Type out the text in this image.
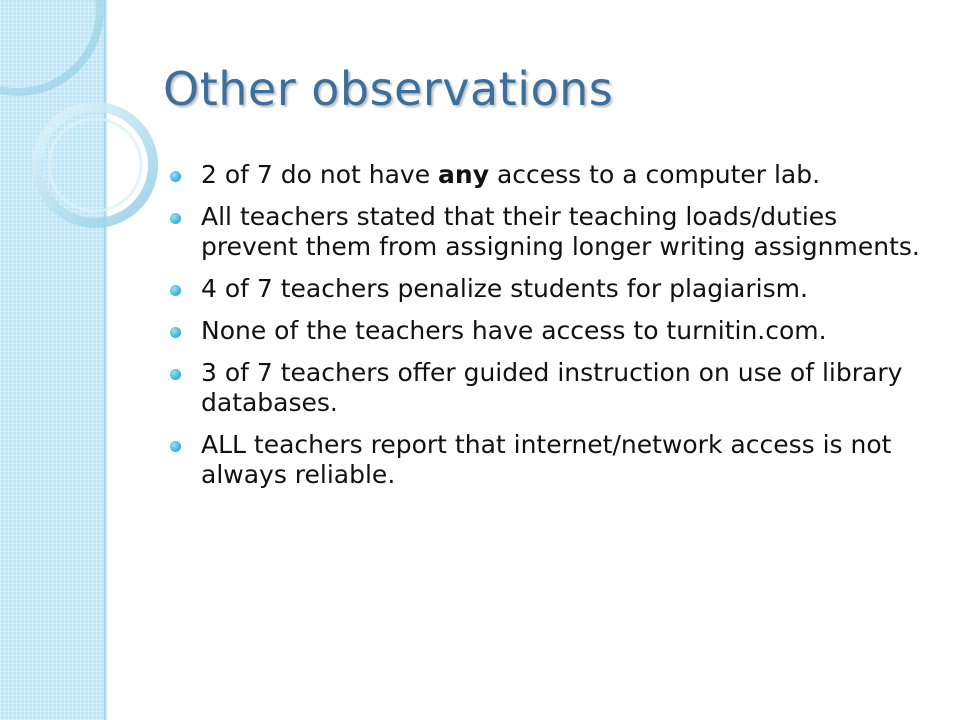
Other observations
2 of 7 do not have any access to a computer lab.
All teachers stated that their teaching loads/duties prevent them from assigning longer writing assignments.
4 of 7 teachers penalize students for plagiarism.
None of the teachers have access to turnitin.com.
3 of 7 teachers offer guided instruction on use of library databases.
ALL teachers report that internet/network access is not always reliable.
